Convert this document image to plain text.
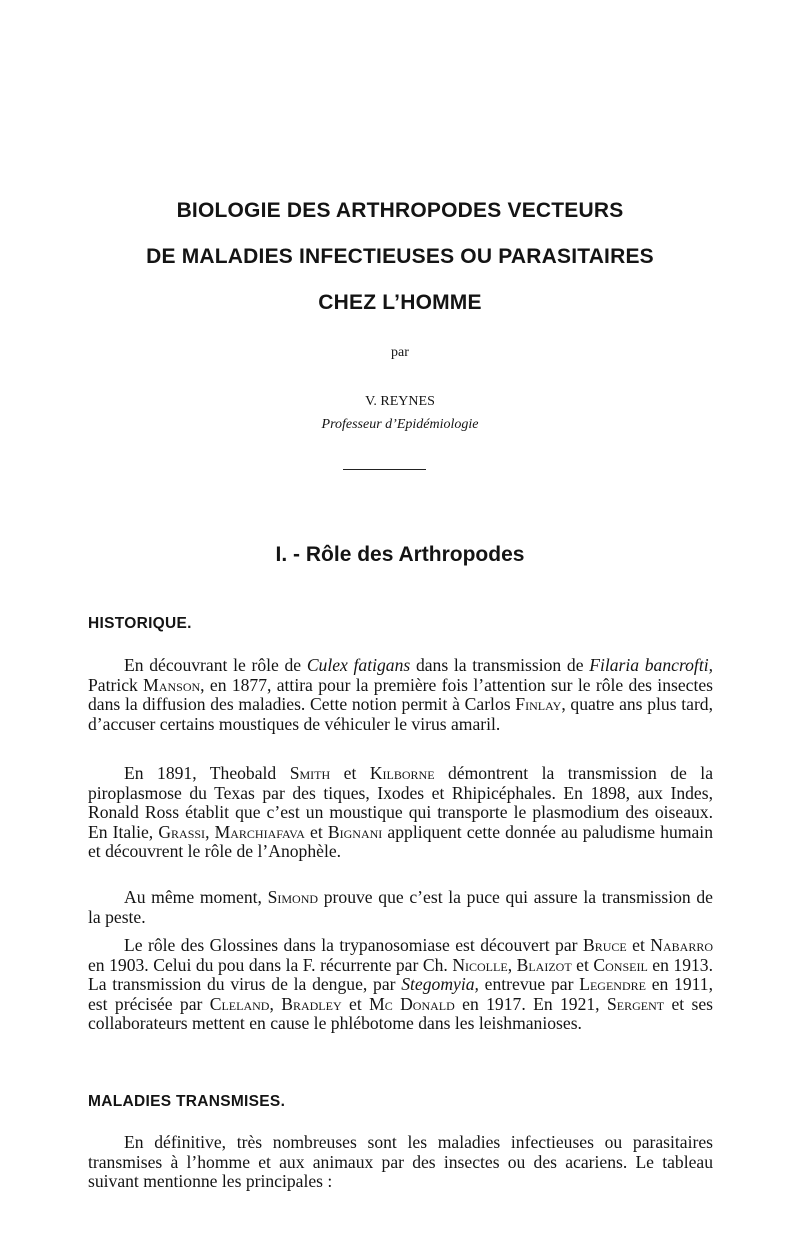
BIOLOGIE DES ARTHROPODES VECTEURS
DE MALADIES INFECTIEUSES OU PARASITAIRES
CHEZ L’HOMME
par
V. REYNES
Professeur d’Epidémiologie
I. - Rôle des Arthropodes
HISTORIQUE.
En découvrant le rôle de Culex fatigans dans la transmission de Filaria bancrofti, Patrick Manson, en 1877, attira pour la première fois l’attention sur le rôle des insectes dans la diffusion des maladies. Cette notion permit à Carlos Finlay, quatre ans plus tard, d’accuser certains moustiques de véhiculer le virus amaril.
En 1891, Theobald Smith et Kilborne démontrent la transmission de la piroplasmose du Texas par des tiques, Ixodes et Rhipicéphales. En 1898, aux Indes, Ronald Ross établit que c’est un moustique qui transporte le plasmodium des oiseaux. En Italie, Grassi, Marchiafava et Bignani appliquent cette donnée au paludisme humain et découvrent le rôle de l’Anophèle.
Au même moment, Simond prouve que c’est la puce qui assure la transmission de la peste.
Le rôle des Glossines dans la trypanosomiase est découvert par Bruce et Nabarro en 1903. Celui du pou dans la F. récurrente par Ch. Nicolle, Blaizot et Conseil en 1913. La transmission du virus de la dengue, par Stegomyia, entrevue par Legendre en 1911, est précisée par Cleland, Bradley et Mc Donald en 1917. En 1921, Sergent et ses collaborateurs mettent en cause le phlébotome dans les leishmanioses.
MALADIES TRANSMISES.
En définitive, très nombreuses sont les maladies infectieuses ou parasitaires transmises à l’homme et aux animaux par des insectes ou des acariens. Le tableau suivant mentionne les principales :
